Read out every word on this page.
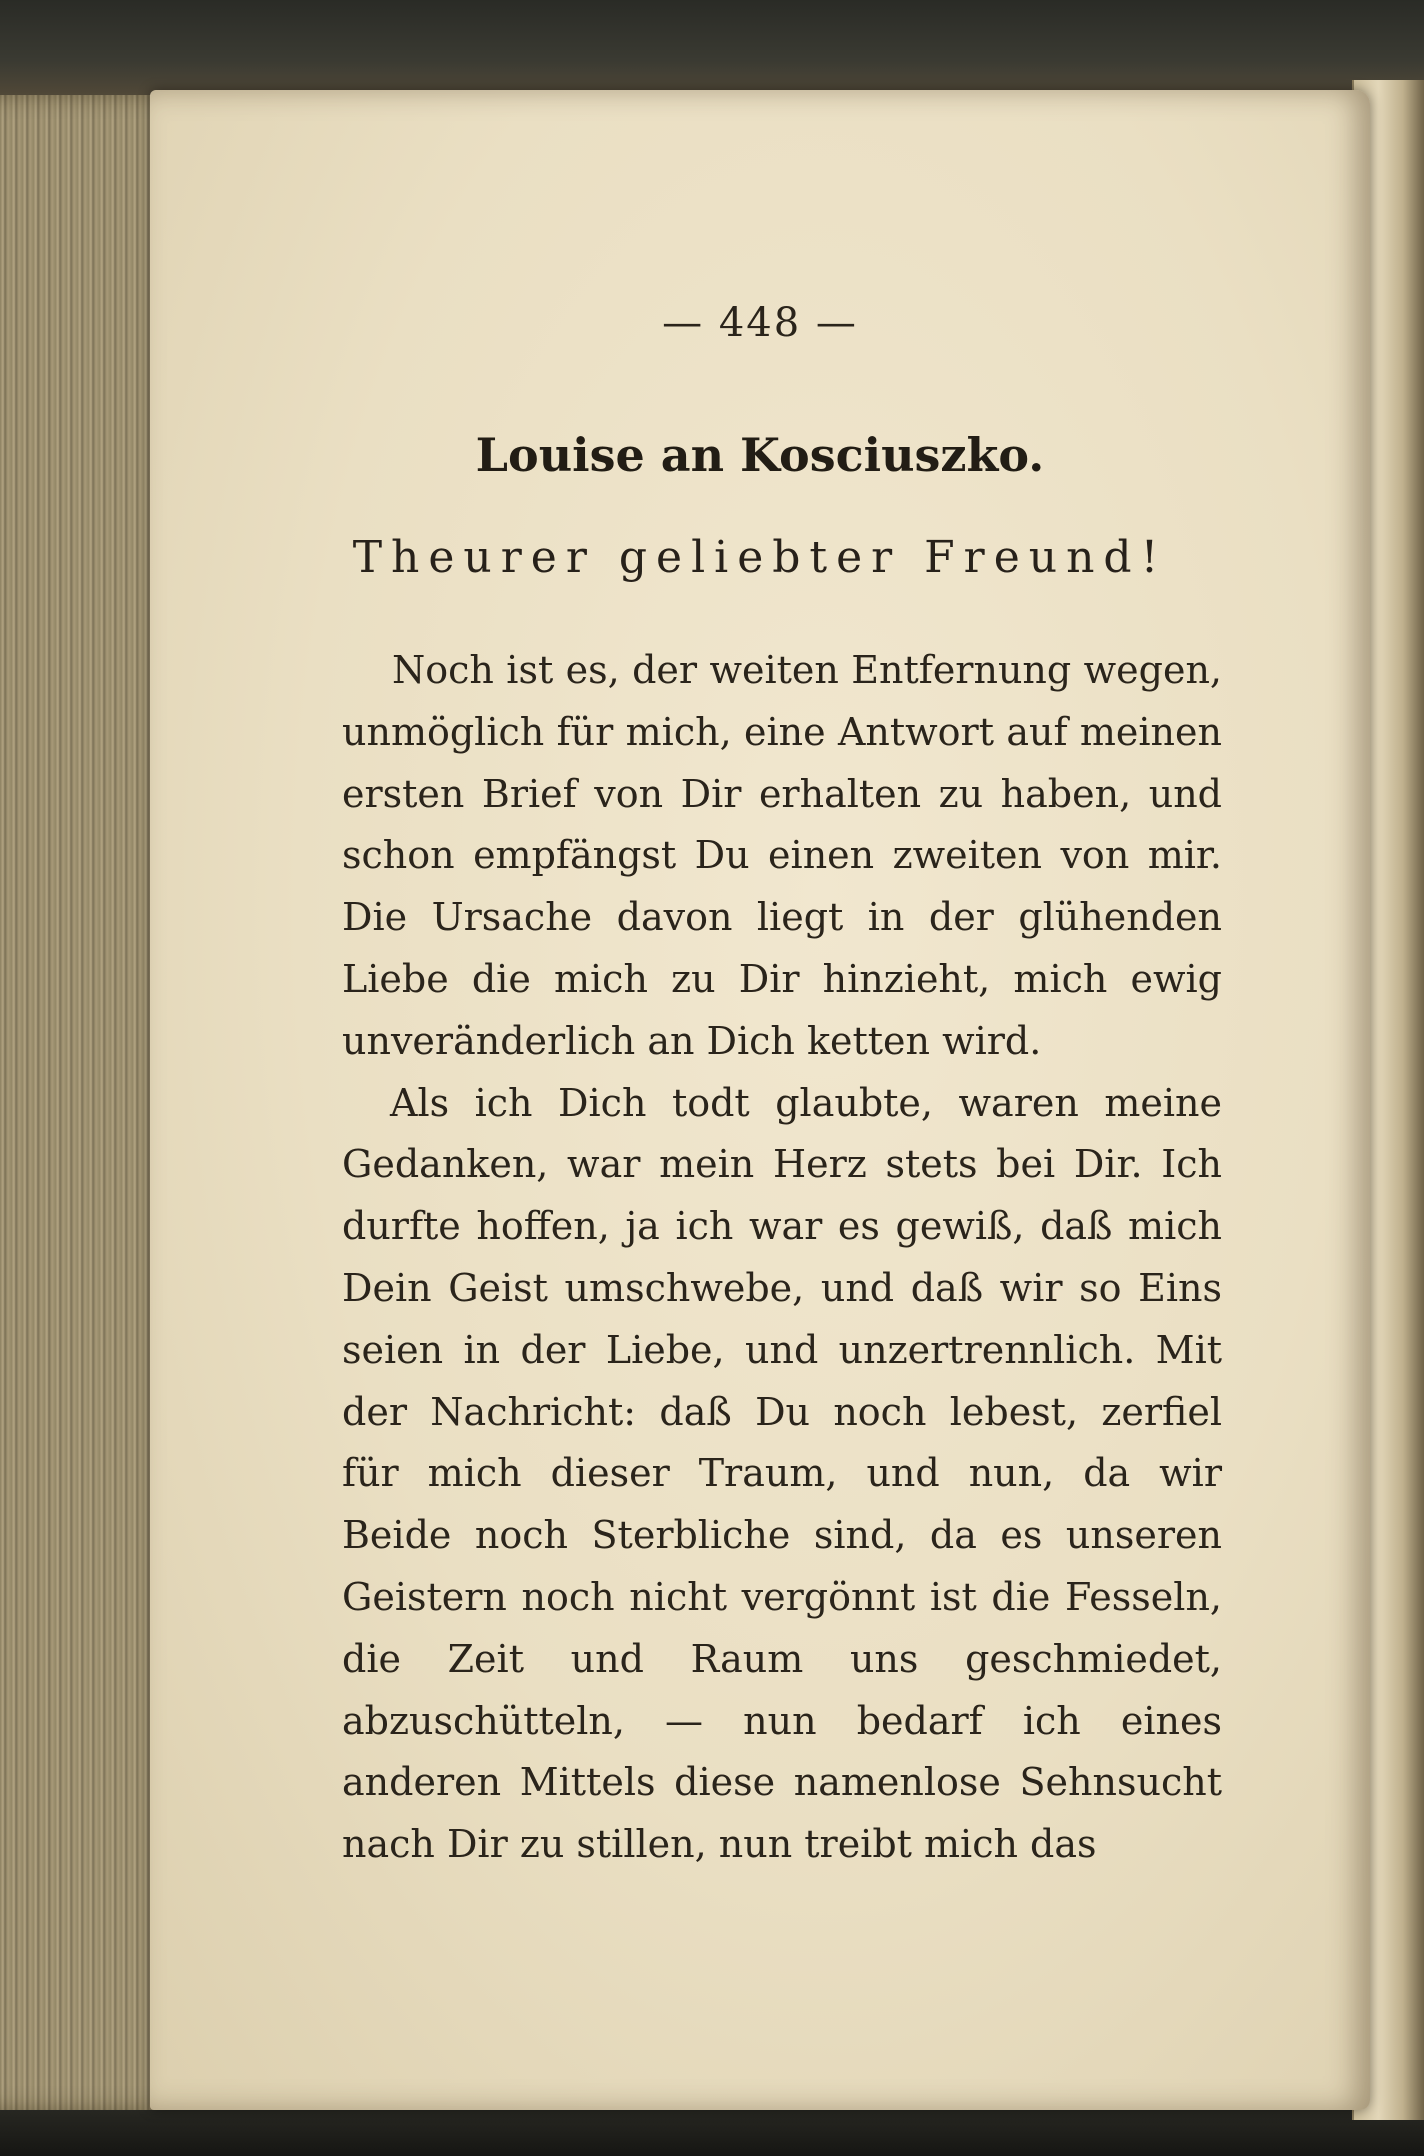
— 448 —
Louise an Kosciuszko.
Theurer geliebter Freund!

Noch ist es, der weiten Entfernung wegen, unmöglich für mich, eine Antwort auf meinen ersten Brief von Dir erhalten zu haben, und schon empfängst Du einen zweiten von mir. Die Ursache davon liegt in der glühenden Liebe die mich zu Dir hinzieht, mich ewig unveränderlich an Dich ketten wird.

Als ich Dich todt glaubte, waren meine Gedanken, war mein Herz stets bei Dir. Ich durfte hoffen, ja ich war es gewiß, daß mich Dein Geist umschwebe, und daß wir so Eins seien in der Liebe, und unzertrennlich. Mit der Nachricht: daß Du noch lebest, zerfiel für mich dieser Traum, und nun, da wir Beide noch Sterbliche sind, da es unseren Geistern noch nicht vergönnt ist die Fesseln, die Zeit und Raum uns geschmiedet, abzuschütteln, — nun bedarf ich eines anderen Mittels diese namenlose Sehnsucht nach Dir zu stillen, nun treibt mich das
